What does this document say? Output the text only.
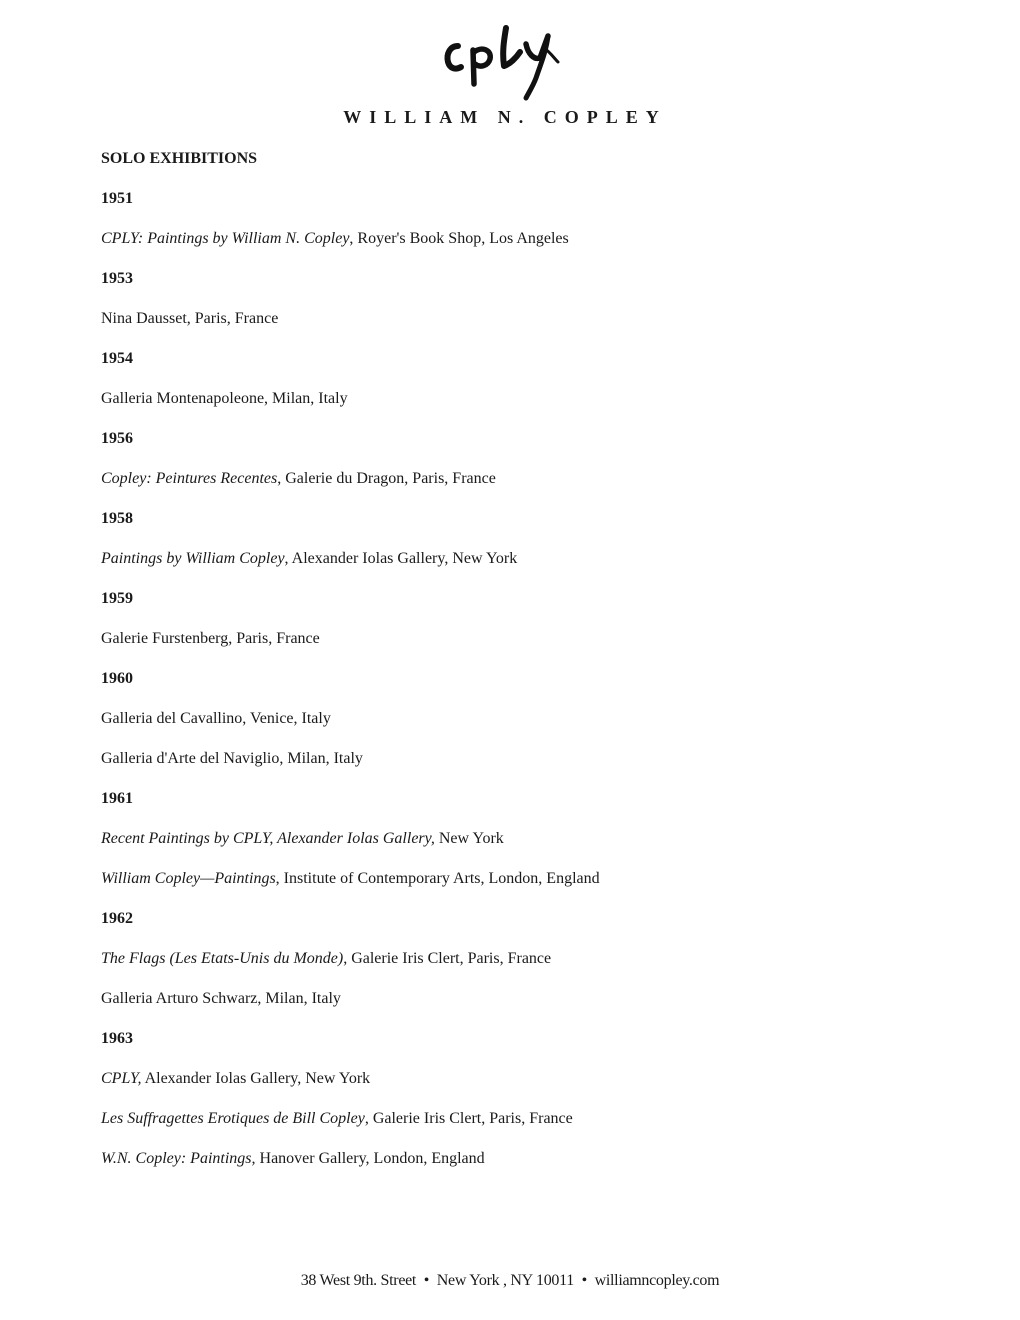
WILLIAM N. COPLEY
SOLO EXHIBITIONS
1951
CPLY: Paintings by William N. Copley, Royer's Book Shop, Los Angeles
1953
Nina Dausset, Paris, France
1954
Galleria Montenapoleone, Milan, Italy
1956
Copley: Peintures Recentes, Galerie du Dragon, Paris, France
1958
Paintings by William Copley, Alexander Iolas Gallery, New York
1959
Galerie Furstenberg, Paris, France
1960
Galleria del Cavallino, Venice, Italy
Galleria d'Arte del Naviglio, Milan, Italy
1961
Recent Paintings by CPLY, Alexander Iolas Gallery, New York
William Copley—Paintings, Institute of Contemporary Arts, London, England
1962
The Flags (Les Etats-Unis du Monde), Galerie Iris Clert, Paris, France
Galleria Arturo Schwarz, Milan, Italy
1963
CPLY, Alexander Iolas Gallery, New York
Les Suffragettes Erotiques de Bill Copley, Galerie Iris Clert, Paris, France
W.N. Copley: Paintings, Hanover Gallery, London, England
38 West 9th. Street • New York , NY 10011 • williamncopley.com
